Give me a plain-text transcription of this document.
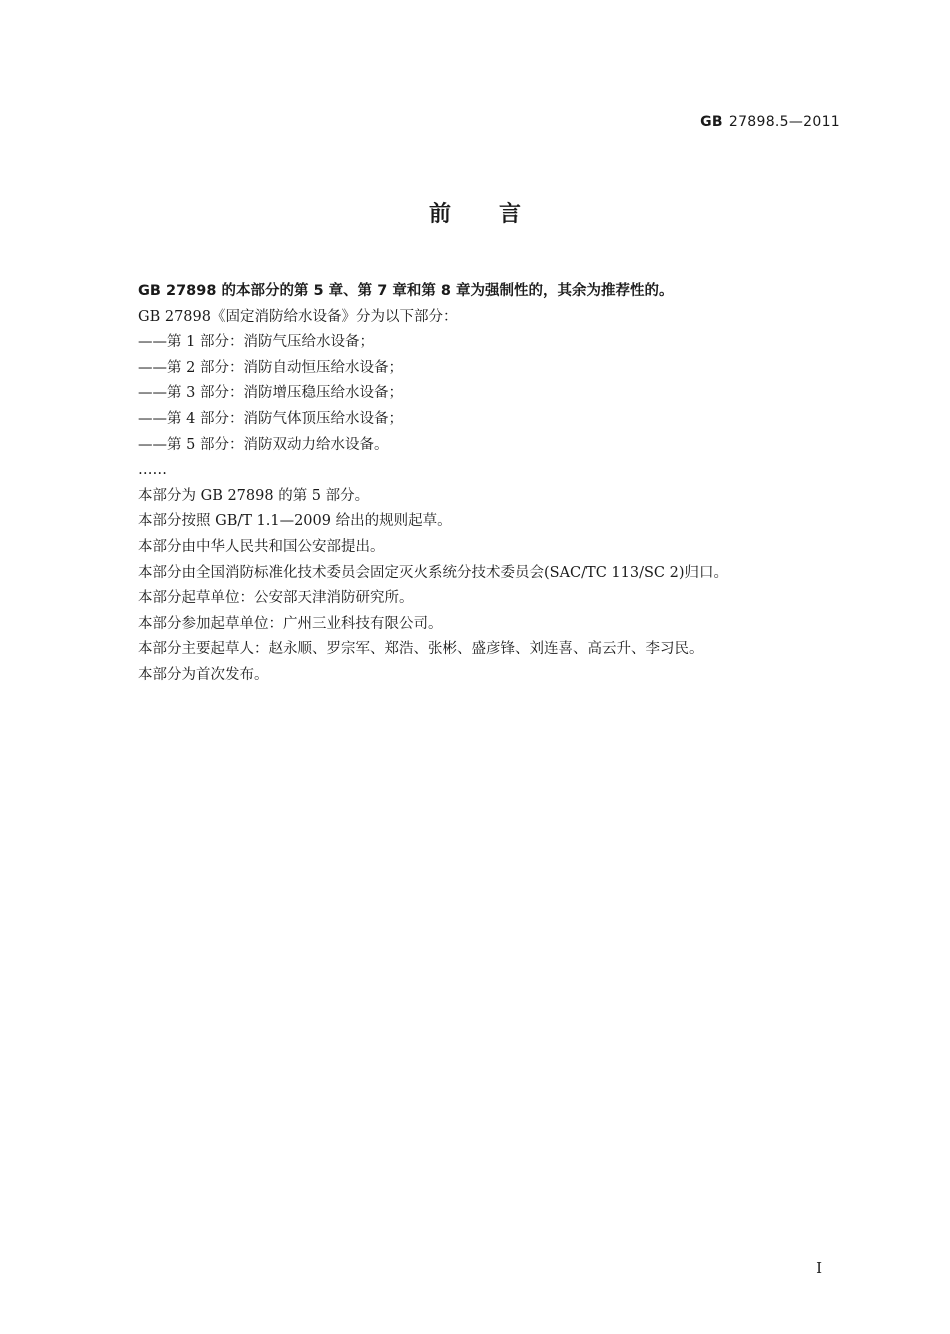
GB 27898.5—2011
前言
GB 27898 的本部分的第 5 章、第 7 章和第 8 章为强制性的，其余为推荐性的。
GB 27898《固定消防给水设备》分为以下部分：
——第 1 部分：消防气压给水设备；
——第 2 部分：消防自动恒压给水设备；
——第 3 部分：消防增压稳压给水设备；
——第 4 部分：消防气体顶压给水设备；
——第 5 部分：消防双动力给水设备。
……
本部分为 GB 27898 的第 5 部分。
本部分按照 GB/T 1.1—2009 给出的规则起草。
本部分由中华人民共和国公安部提出。
本部分由全国消防标准化技术委员会固定灭火系统分技术委员会(SAC/TC 113/SC 2)归口。
本部分起草单位：公安部天津消防研究所。
本部分参加起草单位：广州三业科技有限公司。
本部分主要起草人：赵永顺、罗宗军、郑浩、张彬、盛彦锋、刘连喜、高云升、李习民。
本部分为首次发布。
I
